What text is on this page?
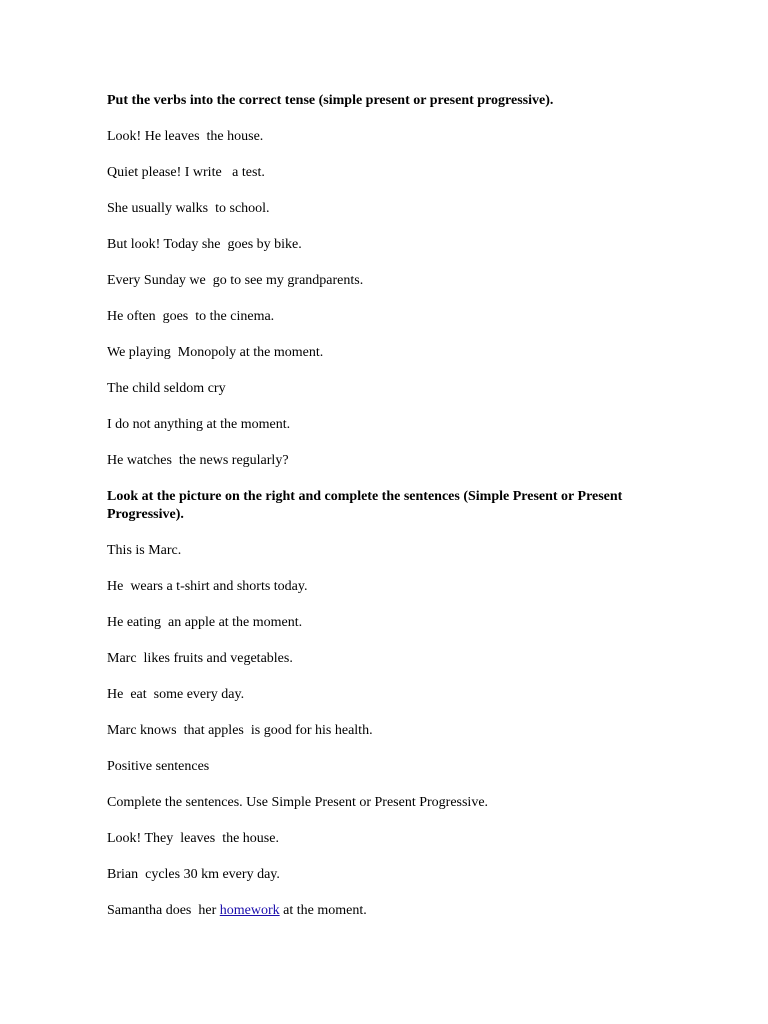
Put the verbs into the correct tense (simple present or present progressive).
Look! He leaves  the house.
Quiet please! I write   a test.
She usually walks  to school.
But look! Today she  goes by bike.
Every Sunday we  go to see my grandparents.
He often  goes  to the cinema.
We playing  Monopoly at the moment.
The child seldom cry
I do not anything at the moment.
He watches  the news regularly?
Look at the picture on the right and complete the sentences (Simple Present or Present Progressive).
This is Marc.
He  wears a t-shirt and shorts today.
He eating  an apple at the moment.
Marc  likes fruits and vegetables.
He  eat  some every day.
Marc knows  that apples  is good for his health.
Positive sentences
Complete the sentences. Use Simple Present or Present Progressive.
Look! They  leaves  the house.
Brian  cycles 30 km every day.
Samantha does  her homework at the moment.
